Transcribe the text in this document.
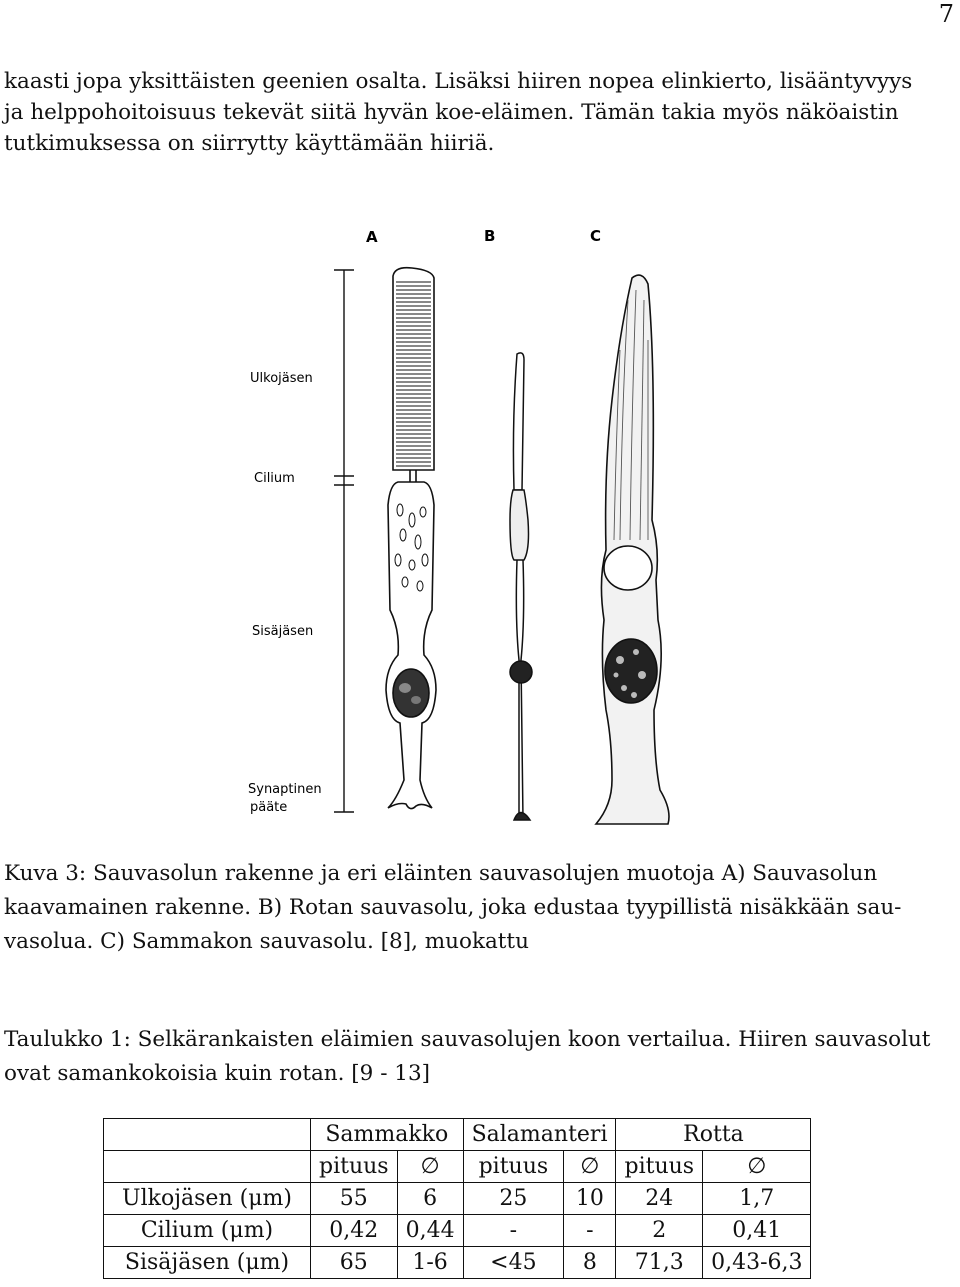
7
kaasti jopa yksittäisten geenien osalta. Lisäksi hiiren nopea elinkierto, lisääntyvyys
ja helppohoitoisuus tekevät siitä hyvän koe-eläimen. Tämän takia myös näköaistin
tutkimuksessa on siirrytty käyttämään hiiriä.
A	B	C
Ulkojäsen
Cilium
Sisäjäsen
Synaptinen
pääte
Kuva 3: Sauvasolun rakenne ja eri eläinten sauvasolujen muotoja A) Sauvasolun
kaavamainen rakenne. B) Rotan sauvasolu, joka edustaa tyypillistä nisäkkään sau-
vasolua. C) Sammakon sauvasolu. [8], muokattu
Taulukko 1: Selkärankaisten eläimien sauvasolujen koon vertailua. Hiiren sauvasolut
ovat samankokoisia kuin rotan. [9 - 13]
	Sammakko		Salamanteri		Rotta	
	pituus	∅	pituus	∅	pituus	∅
Ulkojäsen (μm)	55	6	25	10	24	1,7
Cilium (μm)	0,42	0,44	-	-	2	0,41
Sisäjäsen (μm)	65	1-6	<45	8	71,3	0,43-6,3
